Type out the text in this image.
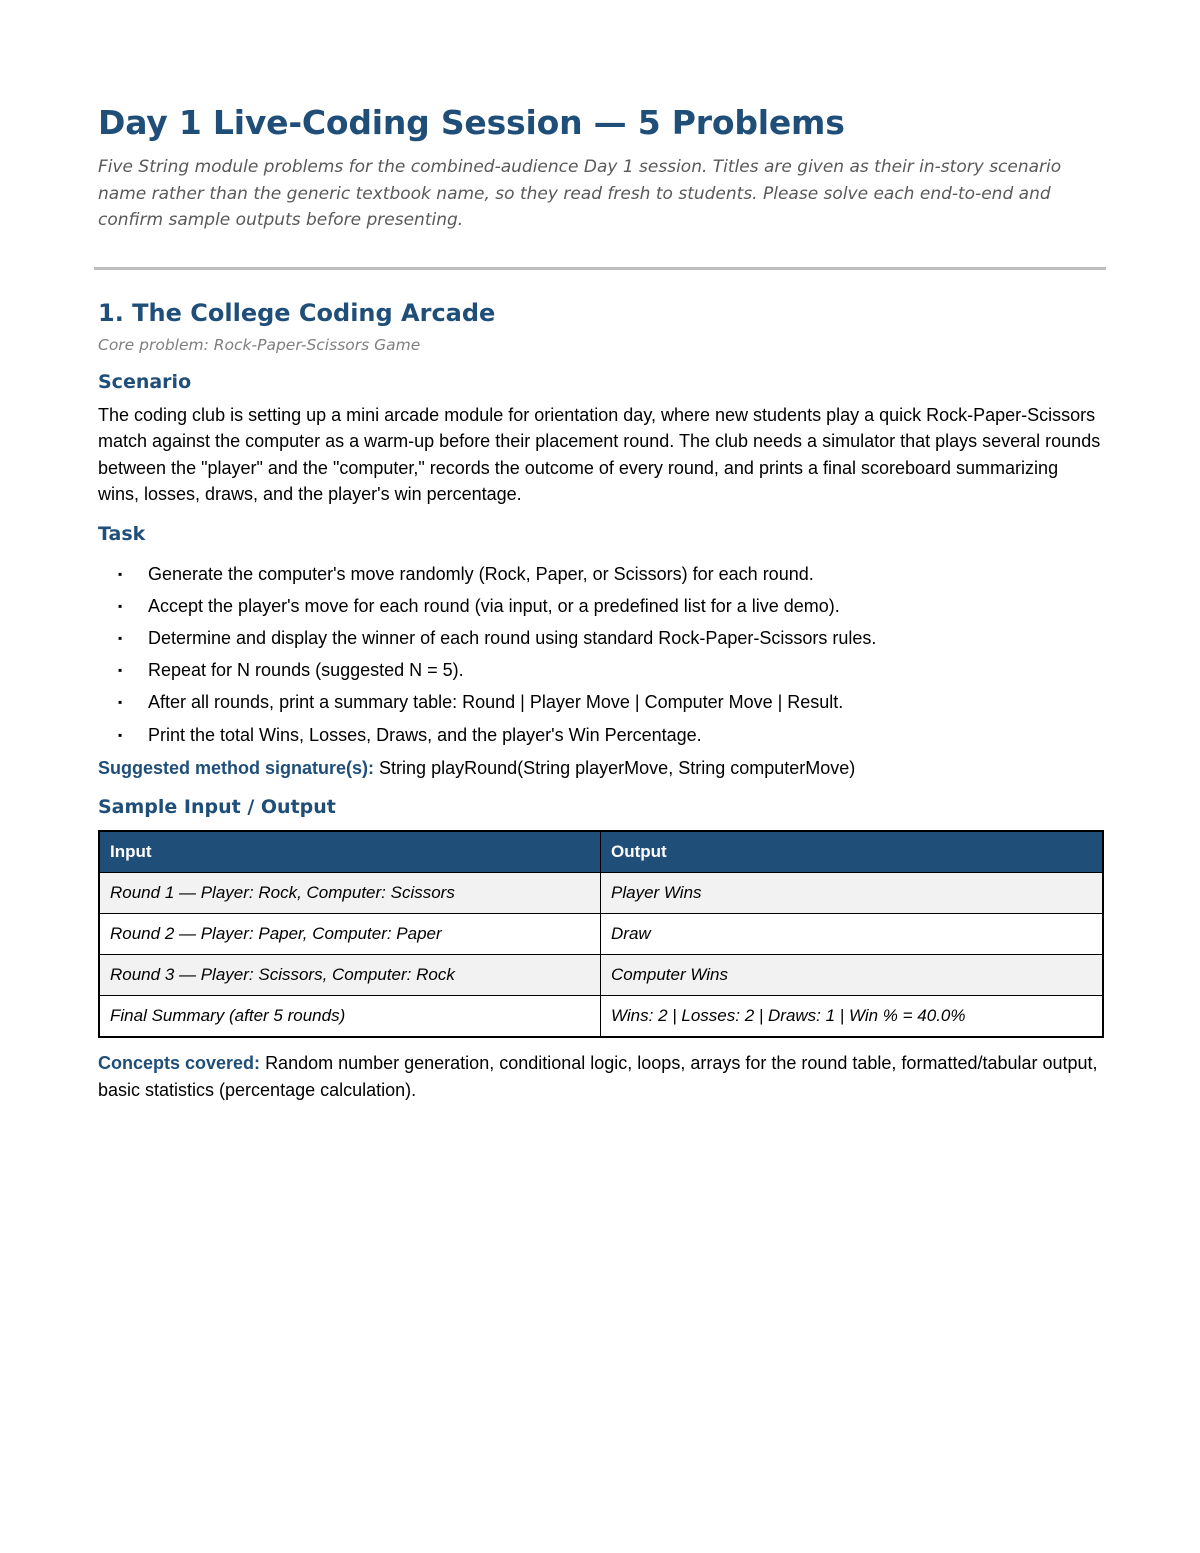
Day 1 Live-Coding Session — 5 Problems

Five String module problems for the combined-audience Day 1 session. Titles are given as their in-story scenario name rather than the generic textbook name, so they read fresh to students. Please solve each end-to-end and confirm sample outputs before presenting.

1. The College Coding Arcade
Core problem: Rock-Paper-Scissors Game
Scenario

The coding club is setting up a mini arcade module for orientation day, where new students play a quick Rock-Paper-Scissors match against the computer as a warm-up before their placement round. The club needs a simulator that plays several rounds between the "player" and the "computer," records the outcome of every round, and prints a final scoreboard summarizing wins, losses, draws, and the player's win percentage.

Task
▪ Generate the computer's move randomly (Rock, Paper, or Scissors) for each round.
▪ Accept the player's move for each round (via input, or a predefined list for a live demo).
▪ Determine and display the winner of each round using standard Rock-Paper-Scissors rules.
▪ Repeat for N rounds (suggested N = 5).
▪ After all rounds, print a summary table: Round | Player Move | Computer Move | Result.
▪ Print the total Wins, Losses, Draws, and the player's Win Percentage.

Suggested method signature(s): String playRound(String playerMove, String computerMove)

Sample Input / Output
Input	Output
Round 1 — Player: Rock, Computer: Scissors	Player Wins
Round 2 — Player: Paper, Computer: Paper	Draw
Round 3 — Player: Scissors, Computer: Rock	Computer Wins
Final Summary (after 5 rounds)	Wins: 2 | Losses: 2 | Draws: 1 | Win % = 40.0%

Concepts covered: Random number generation, conditional logic, loops, arrays for the round table, formatted/tabular output, basic statistics (percentage calculation).
